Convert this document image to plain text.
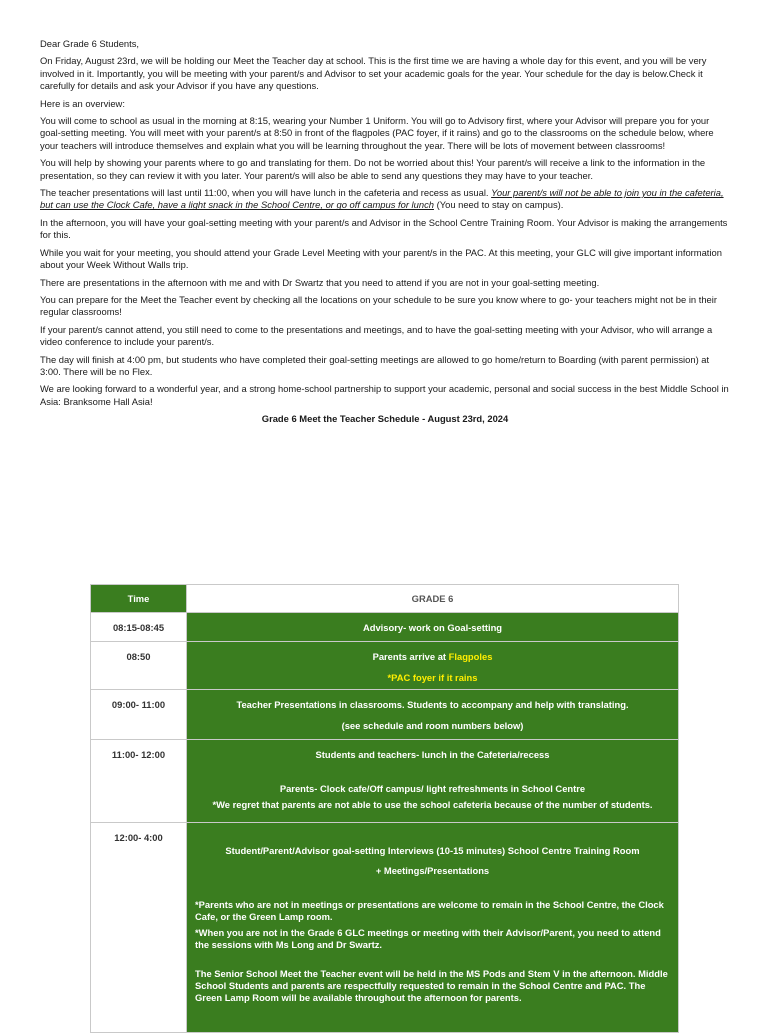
Dear Grade 6 Students,

On Friday, August 23rd, we will be holding our Meet the Teacher day at school. This is the first time we are having a whole day for this event, and you will be very involved in it. Importantly, you will be meeting with your parent/s and Advisor to set your academic goals for the year. Your schedule for the day is below.Check it carefully for details and ask your Advisor if you have any questions.

Here is an overview:

You will come to school as usual in the morning at 8:15, wearing your Number 1 Uniform. You will go to Advisory first, where your Advisor will prepare you for your goal-setting meeting. You will meet with your parent/s at 8:50 in front of the flagpoles (PAC foyer, if it rains) and go to the classrooms on the schedule below, where your teachers will introduce themselves and explain what you will be learning throughout the year. There will be lots of movement between classrooms!

You will help by showing your parents where to go and translating for them. Do not be worried about this! Your parent/s will receive a link to the information in the presentation, so they can review it with you later. Your parent/s will also be able to send any questions they may have to your teacher.

The teacher presentations will last until 11:00, when you will have lunch in the cafeteria and recess as usual. Your parent/s will not be able to join you in the cafeteria, but can use the Clock Cafe, have a light snack in the School Centre, or go off campus for lunch (You need to stay on campus).

In the afternoon, you will have your goal-setting meeting with your parent/s and Advisor in the School Centre Training Room. Your Advisor is making the arrangements for this.

While you wait for your meeting, you should attend your Grade Level Meeting with your parent/s in the PAC. At this meeting, your GLC will give important information about your Week Without Walls trip.

There are presentations in the afternoon with me and with Dr Swartz that you need to attend if you are not in your goal-setting meeting.

You can prepare for the Meet the Teacher event by checking all the locations on your schedule to be sure you know where to go- your teachers might not be in their regular classrooms!

If your parent/s cannot attend, you still need to come to the presentations and meetings, and to have the goal-setting meeting with your Advisor, who will arrange a video conference to include your parent/s.

The day will finish at 4:00 pm, but students who have completed their goal-setting meetings are allowed to go home/return to Boarding (with parent permission) at 3:00. There will be no Flex.

We are looking forward to a wonderful year, and a strong home-school partnership to support your academic, personal and social success in the best Middle School in Asia: Branksome Hall Asia!

Grade 6 Meet the Teacher Schedule - August 23rd, 2024
Time	GRADE 6
08:15-08:45	Advisory- work on Goal-setting
08:50	Parents arrive at Flagpoles
*PAC foyer if it rains

09:00- 11:00	Teacher Presentations in classrooms. Students to accompany and help with translating.
(see schedule and room numbers below)

11:00- 12:00	Students and teachers- lunch in the Cafeteria/recess
Parents- Clock cafe/Off campus/ light refreshments in School Centre
*We regret that parents are not able to use the school cafeteria because of the number of students.

12:00- 4:00	Student/Parent/Advisor goal-setting Interviews (10-15 minutes) School Centre Training Room
+ Meetings/Presentations
*Parents who are not in meetings or presentations are welcome to remain in the School Centre, the Clock Cafe, or the Green Lamp room.
*When you are not in the Grade 6 GLC meetings or meeting with their Advisor/Parent, you need to attend the sessions with Ms Long and Dr Swartz.
The Senior School Meet the Teacher event will be held in the MS Pods and Stem V in the afternoon. Middle School Students and parents are respectfully requested to remain in the School Centre and PAC. The Green Lamp Room will be available throughout the afternoon for parents.
